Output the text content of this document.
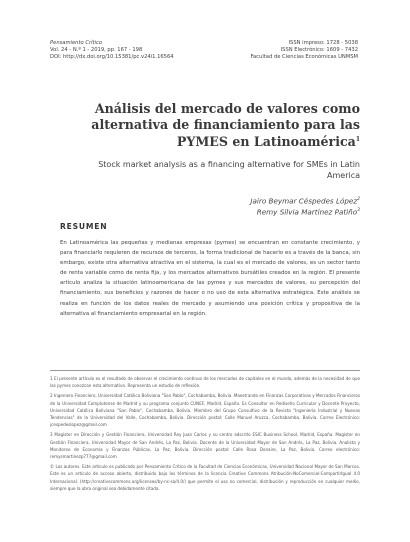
Pensamiento Crítico
Vol. 24 - N.º 1 - 2019, pp. 167 - 198
DOI: http://dx.doi.org/10.15381/pc.v24i1.16564
ISSN impreso: 1728 - 5038
ISSN Electrónico: 1609 - 7432
Facultad de Ciencias Económicas UNMSM
Análisis del mercado de valores como
alternativa de financiamiento para las
PYMES en Latinoamérica$^1$
Stock market analysis as a financing alternative for SMEs in Latin
America
Jairo Beymar Céspedes López$^2$
Remy Silvia Martínez Patiño$^3$
RESUMEN

En Latinoamérica las pequeñas y medianas empresas (pymes) se encuentran en constante crecimiento, y para financiarlo requieren de recursos de terceros, la forma tradicional de hacerlo es a través de la banca, sin embargo, existe otra alternativa atractiva en el sistema, la cual es el mercado de valores, es un sector tanto de renta variable como de renta fija, y los mercados alternativos bursátiles creados en la región. El presente artículo analiza la situación latinoamericana de las pymes y sus mercados de valores, su percepción del financiamiento, sus beneficios y razones de hacer o no uso de esta alternativa estratégica. Este análisis se realiza en función de los datos reales de mercado y asumiendo una posición crítica y propositiva de la alternativa al financiamiento empresarial en la región.

1 El presente artículo es el resultado de observar el crecimiento continuo de los mercados de capitales en el mundo, además de la necesidad de que las pymes conozcan esta alternativa. Representa un estudio de reflexión.

2 Ingeniero Financiero, Universidad Católica Boliviana "San Pablo", Cochabamba, Bolivia. Maestrando en Finanzas Corporativas y Mercados Financieros de la Universidad Complutense de Madrid y su programa conjunto CUNEF, Madrid, España. Es Consultor en Rediseño Curricular y Docente Proyecto, Universidad Católica Boliviana "San Pablo", Cochabamba, Bolivia. Miembro del Grupo Consultivo de la Revista "Ingeniería Industrial y Nuevas Tendencias" de la Universidad del Valle, Cochabamba, Bolivia. Dirección postal: Calle Manuel Aruzca, Cochabamba, Bolivia. Correo Electrónico: jcespedeslopez@gmail.com

3 Magíster en Dirección y Gestión Financiera, Universidad Rey Juan Carlos y su centro adscrito ESIC Business School, Madrid, España. Magíster en Gestión Financiera, Universidad Mayor de San Andrés, La Paz, Bolivia. Docente de la Universidad Mayor de San Andrés, La Paz, Bolivia. Analista y Monitoreo de Economía y Finanzas Públicas, La Paz, Bolivia. Dirección postal: Calle Rosa Donaire, La Paz, Bolivia. Correo electrónico: remysmartinezp777@gmail.com

© Los autores. Este artículo es publicado por Pensamiento Crítico de la Facultad de Ciencias Económicas, Universidad Nacional Mayor de San Marcos. Este es un artículo de acceso abierto, distribuido bajo los términos de la licencia Creative Commons Atribución-NoComercial-CompartirIgual 4.0 Internacional. (http://creativecommons.org/licenses/by-nc-sa/4.0/) que permite el uso no comercial, distribución y reproducción en cualquier medio, siempre que la obra original sea debidamente citada.
